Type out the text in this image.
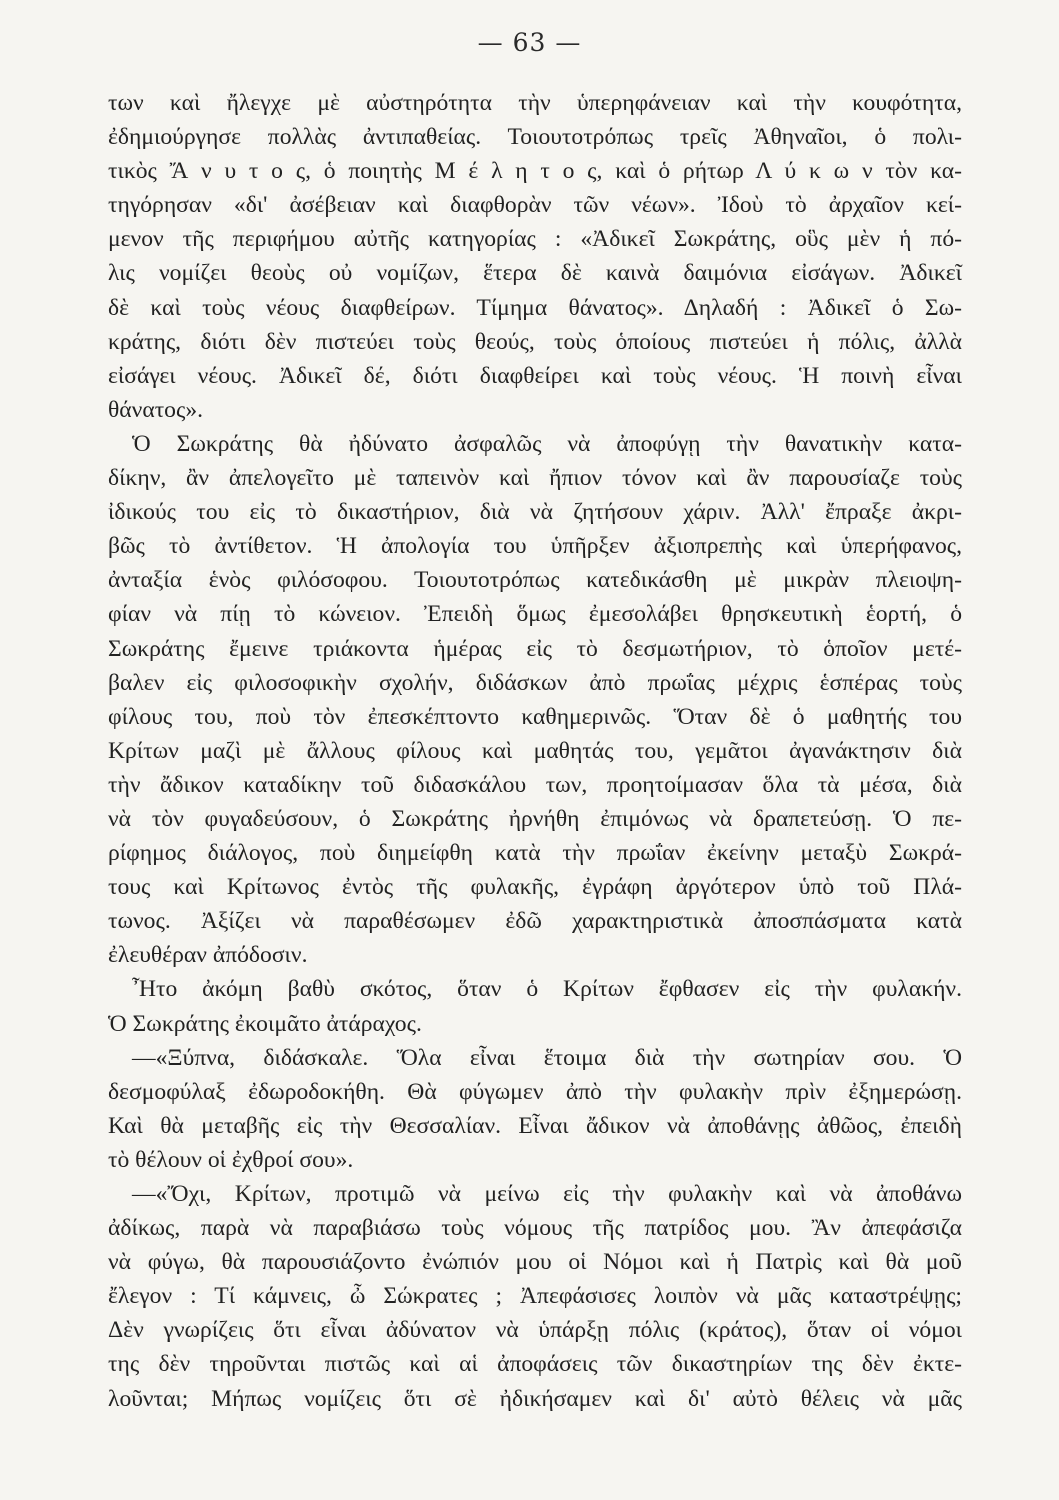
— 63 —
των καὶ ἤλεγχε μὲ αὐστηρότητα τὴν ὑπερηφάνειαν καὶ τὴν κουφότητα,
ἐδημιούργησε πολλὰς ἀντιπαθείας. Τοιουτοτρόπως τρεῖς Ἀθηναῖοι, ὁ πολι-
τικὸς Ἄ ν υ τ ο ς, ὁ ποιητὴς Μ έ λ η τ ο ς, καὶ ὁ ρήτωρ Λ ύ κ ω ν τὸν κα-
τηγόρησαν «δι' ἀσέβειαν καὶ διαφθορὰν τῶν νέων». Ἰδοὺ τὸ ἀρχαῖον κεί-
μενον τῆς περιφήμου αὐτῆς κατηγορίας : «Ἀδικεῖ Σωκράτης, οὓς μὲν ἡ πό-
λις νομίζει θεοὺς οὐ νομίζων, ἕτερα δὲ καινὰ δαιμόνια εἰσάγων. Ἀδικεῖ
δὲ καὶ τοὺς νέους διαφθείρων. Τίμημα θάνατος». Δηλαδή : Ἀδικεῖ ὁ Σω-
κράτης, διότι δὲν πιστεύει τοὺς θεούς, τοὺς ὁποίους πιστεύει ἡ πόλις, ἀλλὰ
εἰσάγει νέους. Ἀδικεῖ δέ, διότι διαφθείρει καὶ τοὺς νέους. Ἡ ποινὴ εἶναι
θάνατος».
Ὁ Σωκράτης θὰ ἠδύνατο ἀσφαλῶς νὰ ἀποφύγῃ τὴν θανατικὴν κατα-
δίκην, ἂν ἀπελογεῖτο μὲ ταπεινὸν καὶ ἤπιον τόνον καὶ ἂν παρουσίαζε τοὺς
ἰδικούς του εἰς τὸ δικαστήριον, διὰ νὰ ζητήσουν χάριν. Ἀλλ' ἔπραξε ἀκρι-
βῶς τὸ ἀντίθετον. Ἡ ἀπολογία του ὑπῆρξεν ἀξιοπρεπὴς καὶ ὑπερήφανος,
ἀνταξία ἑνὸς φιλόσοφου. Τοιουτοτρόπως κατεδικάσθη μὲ μικρὰν πλειοψη-
φίαν νὰ πίῃ τὸ κώνειον. Ἐπειδὴ ὅμως ἐμεσολάβει θρησκευτικὴ ἑορτή, ὁ
Σωκράτης ἔμεινε τριάκοντα ἡμέρας εἰς τὸ δεσμωτήριον, τὸ ὁποῖον μετέ-
βαλεν εἰς φιλοσοφικὴν σχολήν, διδάσκων ἀπὸ πρωΐας μέχρις ἑσπέρας τοὺς
φίλους του, ποὺ τὸν ἐπεσκέπτοντο καθημερινῶς. Ὅταν δὲ ὁ μαθητής του
Κρίτων μαζὶ μὲ ἄλλους φίλους καὶ μαθητάς του, γεμᾶτοι ἀγανάκτησιν διὰ
τὴν ἄδικον καταδίκην τοῦ διδασκάλου των, προητοίμασαν ὅλα τὰ μέσα, διὰ
νὰ τὸν φυγαδεύσουν, ὁ Σωκράτης ἠρνήθη ἐπιμόνως νὰ δραπετεύσῃ. Ὁ πε-
ρίφημος διάλογος, ποὺ διημείφθη κατὰ τὴν πρωΐαν ἐκείνην μεταξὺ Σωκρά-
τους καὶ Κρίτωνος ἐντὸς τῆς φυλακῆς, ἐγράφη ἀργότερον ὑπὸ τοῦ Πλά-
τωνος. Ἀξίζει νὰ παραθέσωμεν ἐδῶ χαρακτηριστικὰ ἀποσπάσματα κατὰ
ἐλευθέραν ἀπόδοσιν.
Ἦτο ἀκόμη βαθὺ σκότος, ὅταν ὁ Κρίτων ἔφθασεν εἰς τὴν φυλακήν.
Ὁ Σωκράτης ἐκοιμᾶτο ἀτάραχος.
—«Ξύπνα, διδάσκαλε. Ὅλα εἶναι ἕτοιμα διὰ τὴν σωτηρίαν σου. Ὁ
δεσμοφύλαξ ἐδωροδοκήθη. Θὰ φύγωμεν ἀπὸ τὴν φυλακὴν πρὶν ἐξημερώσῃ.
Καὶ θὰ μεταβῆς εἰς τὴν Θεσσαλίαν. Εἶναι ἄδικον νὰ ἀποθάνῃς ἀθῶος, ἐπειδὴ
τὸ θέλουν οἱ ἐχθροί σου».
—«Ὄχι, Κρίτων, προτιμῶ νὰ μείνω εἰς τὴν φυλακὴν καὶ νὰ ἀποθάνω
ἀδίκως, παρὰ νὰ παραβιάσω τοὺς νόμους τῆς πατρίδος μου. Ἂν ἀπεφάσιζα
νὰ φύγω, θὰ παρουσιάζοντο ἐνώπιόν μου οἱ Νόμοι καὶ ἡ Πατρὶς καὶ θὰ μοῦ
ἔλεγον : Τί κάμνεις, ὦ Σώκρατες ; Ἀπεφάσισες λοιπὸν νὰ μᾶς καταστρέψῃς;
Δὲν γνωρίζεις ὅτι εἶναι ἀδύνατον νὰ ὑπάρξῃ πόλις (κράτος), ὅταν οἱ νόμοι
της δὲν τηροῦνται πιστῶς καὶ αἱ ἀποφάσεις τῶν δικαστηρίων της δὲν ἐκτε-
λοῦνται; Μήπως νομίζεις ὅτι σὲ ἠδικήσαμεν καὶ δι' αὐτὸ θέλεις νὰ μᾶς
